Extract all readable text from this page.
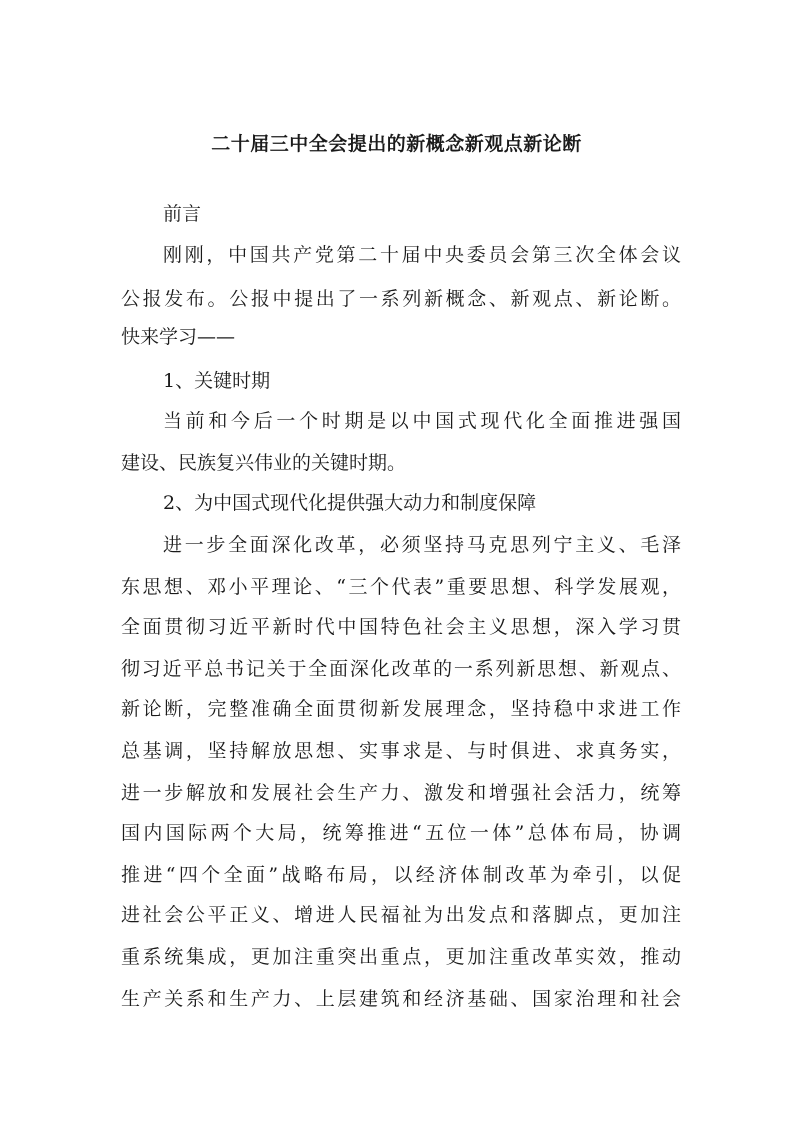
二十届三中全会提出的新概念新观点新论断
前言
刚刚，中国共产党第二十届中央委员会第三次全体会议
公报发布。公报中提出了一系列新概念、新观点、新论断。
快来学习——
1、关键时期
当前和今后一个时期是以中国式现代化全面推进强国
建设、民族复兴伟业的关键时期。
2、为中国式现代化提供强大动力和制度保障
进一步全面深化改革，必须坚持马克思列宁主义、毛泽
东思想、邓小平理论、“三个代表”重要思想、科学发展观，
全面贯彻习近平新时代中国特色社会主义思想，深入学习贯
彻习近平总书记关于全面深化改革的一系列新思想、新观点、
新论断，完整准确全面贯彻新发展理念，坚持稳中求进工作
总基调，坚持解放思想、实事求是、与时俱进、求真务实，
进一步解放和发展社会生产力、激发和增强社会活力，统筹
国内国际两个大局，统筹推进“五位一体”总体布局，协调
推进“四个全面”战略布局，以经济体制改革为牵引，以促
进社会公平正义、增进人民福祉为出发点和落脚点，更加注
重系统集成，更加注重突出重点，更加注重改革实效，推动
生产关系和生产力、上层建筑和经济基础、国家治理和社会
